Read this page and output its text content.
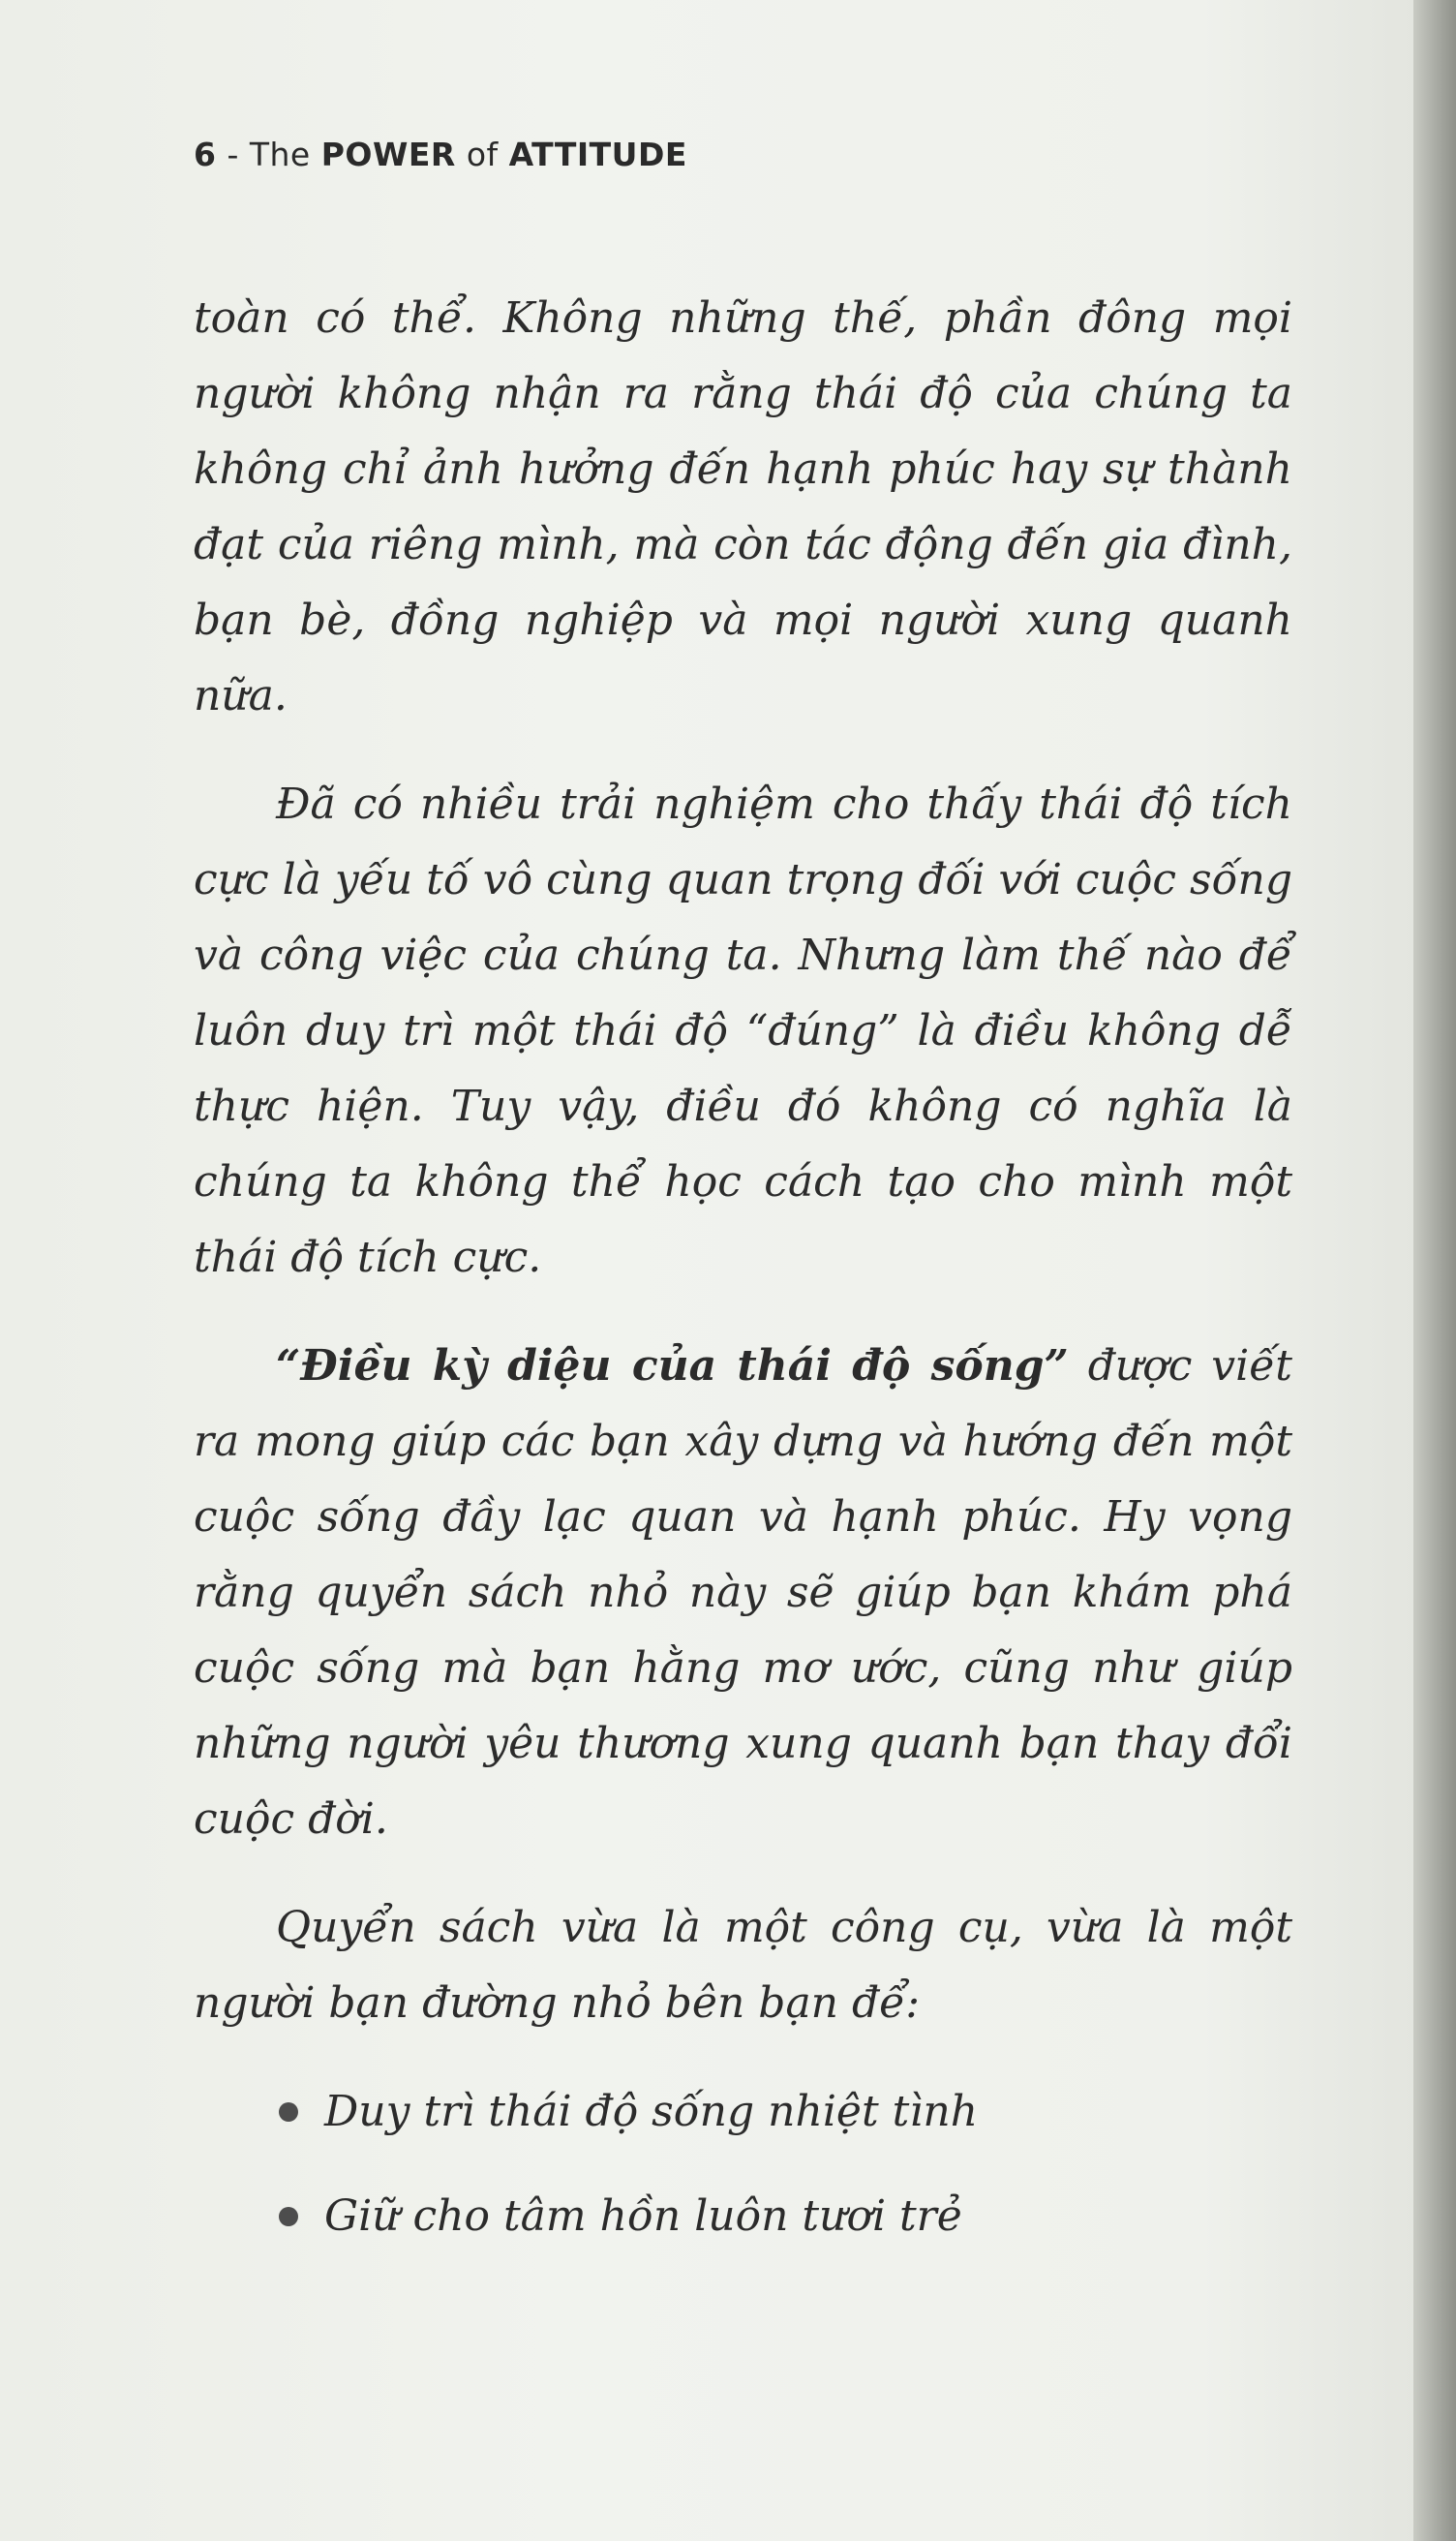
6 - The POWER of ATTITUDE

toàn có thể. Không những thế, phần đông mọi người không nhận ra rằng thái độ của chúng ta không chỉ ảnh hưởng đến hạnh phúc hay sự thành đạt của riêng mình, mà còn tác động đến gia đình, bạn bè, đồng nghiệp và mọi người xung quanh nữa.

Đã có nhiều trải nghiệm cho thấy thái độ tích cực là yếu tố vô cùng quan trọng đối với cuộc sống và công việc của chúng ta. Nhưng làm thế nào để luôn duy trì một thái độ “đúng” là điều không dễ thực hiện. Tuy vậy, điều đó không có nghĩa là chúng ta không thể học cách tạo cho mình một thái độ tích cực.

“Điều kỳ diệu của thái độ sống” được viết ra mong giúp các bạn xây dựng và hướng đến một cuộc sống đầy lạc quan và hạnh phúc. Hy vọng rằng quyển sách nhỏ này sẽ giúp bạn khám phá cuộc sống mà bạn hằng mơ ước, cũng như giúp những người yêu thương xung quanh bạn thay đổi cuộc đời.

Quyển sách vừa là một công cụ, vừa là một người bạn đường nhỏ bên bạn để:

Duy trì thái độ sống nhiệt tình
Giữ cho tâm hồn luôn tươi trẻ
